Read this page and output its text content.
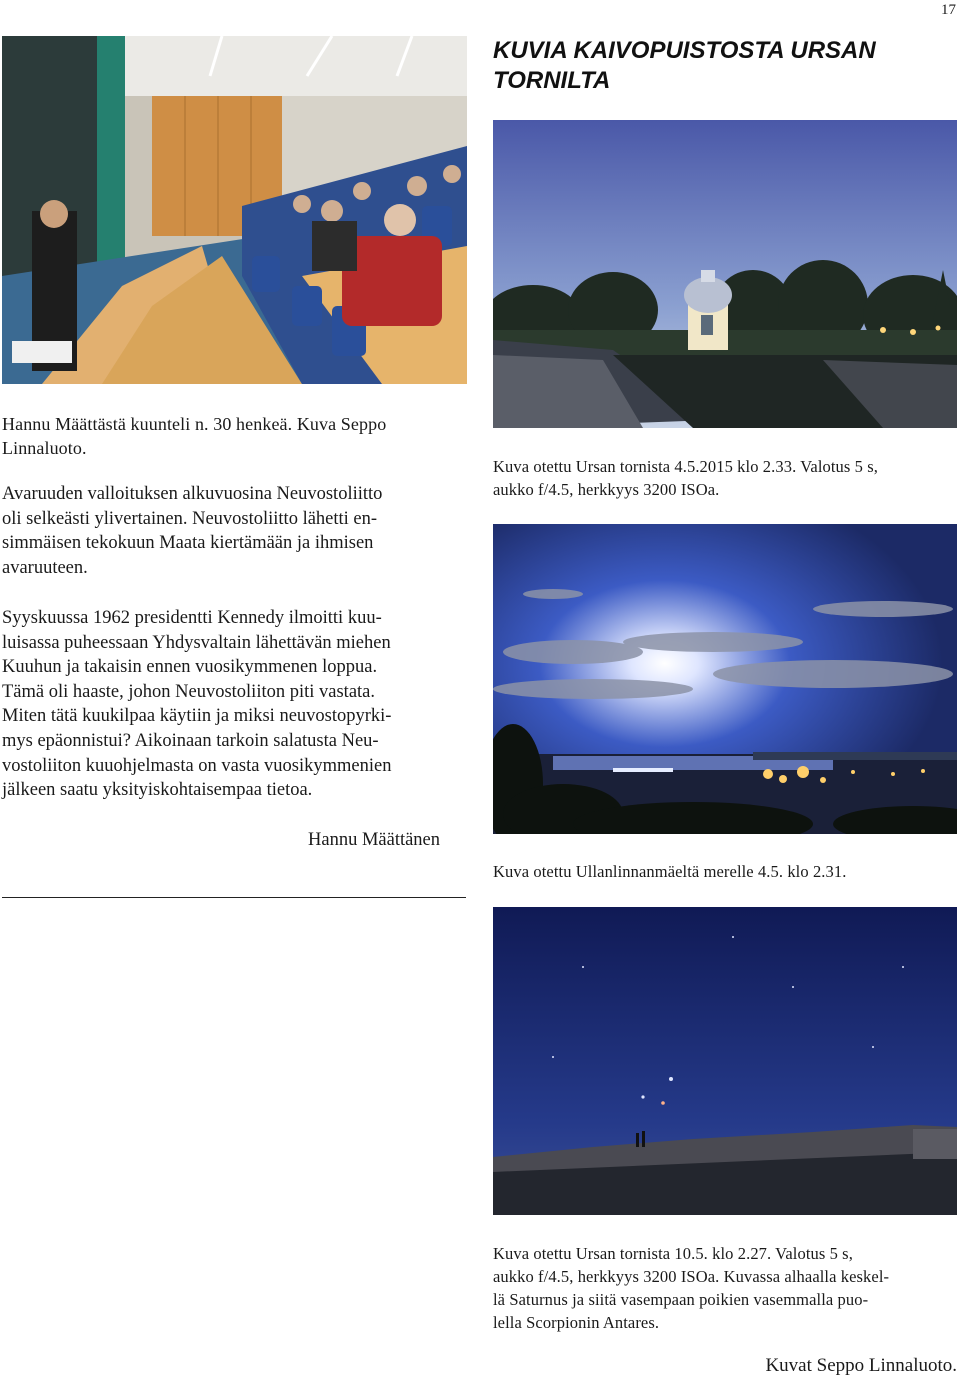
17
Hannu Määttästä kuunteli n. 30 henkeä. Kuva Seppo
Linnaluoto.
Avaruuden valloituksen alkuvuosina Neuvostoliitto
oli selkeästi ylivertainen. Neuvostoliitto lähetti en-
simmäisen tekokuun Maata kiertämään ja ihmisen
avaruuteen.
Syyskuussa 1962 presidentti Kennedy ilmoitti kuu-
luisassa puheessaan Yhdysvaltain lähettävän miehen
Kuuhun ja takaisin ennen vuosikymmenen loppua.
Tämä oli haaste, johon Neuvostoliiton piti vastata.
Miten tätä kuukilpaa käytiin ja miksi neuvostopyrki-
mys epäonnistui? Aikoinaan tarkoin salatusta Neu-
vostoliiton kuuohjelmasta on vasta vuosikymmenien
jälkeen saatu yksityiskohtaisempaa tietoa.
Hannu Määttänen
KUVIA KAIVOPUISTOSTA URSAN
TORNILTA
Kuva otettu Ursan tornista 4.5.2015 klo 2.33. Valotus 5 s,
aukko f/4.5, herkkyys 3200 ISOa.
Kuva otettu Ullanlinnanmäeltä merelle 4.5. klo 2.31.
Kuva otettu Ursan tornista 10.5. klo 2.27. Valotus 5 s,
aukko f/4.5, herkkyys 3200 ISOa. Kuvassa alhaalla keskel-
lä Saturnus ja siitä vasempaan poikien vasemmalla puo-
lella Scorpionin Antares.
Kuvat Seppo Linnaluoto.
